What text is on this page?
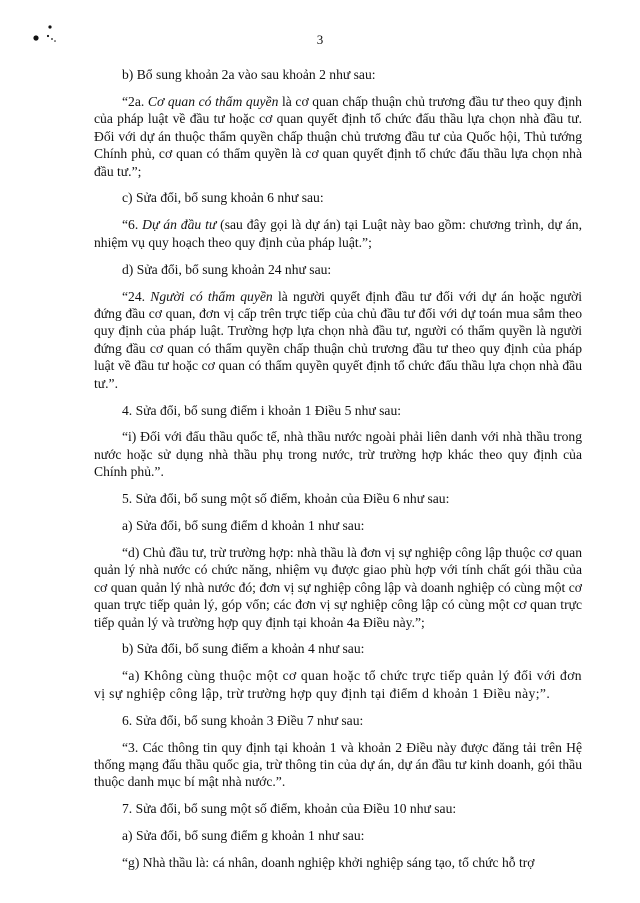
3

b) Bổ sung khoản 2a vào sau khoản 2 như sau:

“2a. Cơ quan có thẩm quyền là cơ quan chấp thuận chủ trương đầu tư theo quy định của pháp luật về đầu tư hoặc cơ quan quyết định tổ chức đấu thầu lựa chọn nhà đầu tư. Đối với dự án thuộc thẩm quyền chấp thuận chủ trương đầu tư của Quốc hội, Thủ tướng Chính phủ, cơ quan có thẩm quyền là cơ quan quyết định tổ chức đấu thầu lựa chọn nhà đầu tư.”;

c) Sửa đổi, bổ sung khoản 6 như sau:

“6. Dự án đầu tư (sau đây gọi là dự án) tại Luật này bao gồm: chương trình, dự án, nhiệm vụ quy hoạch theo quy định của pháp luật.”;

d) Sửa đổi, bổ sung khoản 24 như sau:

“24. Người có thẩm quyền là người quyết định đầu tư đối với dự án hoặc người đứng đầu cơ quan, đơn vị cấp trên trực tiếp của chủ đầu tư đối với dự toán mua sắm theo quy định của pháp luật. Trường hợp lựa chọn nhà đầu tư, người có thẩm quyền là người đứng đầu cơ quan có thẩm quyền chấp thuận chủ trương đầu tư theo quy định của pháp luật về đầu tư hoặc cơ quan có thẩm quyền quyết định tổ chức đấu thầu lựa chọn nhà đầu tư.”.

4. Sửa đổi, bổ sung điểm i khoản 1 Điều 5 như sau:

“i) Đối với đấu thầu quốc tế, nhà thầu nước ngoài phải liên danh với nhà thầu trong nước hoặc sử dụng nhà thầu phụ trong nước, trừ trường hợp khác theo quy định của Chính phủ.”.

5. Sửa đổi, bổ sung một số điểm, khoản của Điều 6 như sau:

a) Sửa đổi, bổ sung điểm d khoản 1 như sau:

“d) Chủ đầu tư, trừ trường hợp: nhà thầu là đơn vị sự nghiệp công lập thuộc cơ quan quản lý nhà nước có chức năng, nhiệm vụ được giao phù hợp với tính chất gói thầu của cơ quan quản lý nhà nước đó; đơn vị sự nghiệp công lập và doanh nghiệp có cùng một cơ quan trực tiếp quản lý, góp vốn; các đơn vị sự nghiệp công lập có cùng một cơ quan trực tiếp quản lý và trường hợp quy định tại khoản 4a Điều này.”;

b) Sửa đổi, bổ sung điểm a khoản 4 như sau:

“a) Không cùng thuộc một cơ quan hoặc tổ chức trực tiếp quản lý đối với đơn vị sự nghiệp công lập, trừ trường hợp quy định tại điểm d khoản 1 Điều này;”.

6. Sửa đổi, bổ sung khoản 3 Điều 7 như sau:

“3. Các thông tin quy định tại khoản 1 và khoản 2 Điều này được đăng tải trên Hệ thống mạng đấu thầu quốc gia, trừ thông tin của dự án, dự án đầu tư kinh doanh, gói thầu thuộc danh mục bí mật nhà nước.”.

7. Sửa đổi, bổ sung một số điểm, khoản của Điều 10 như sau:

a) Sửa đổi, bổ sung điểm g khoản 1 như sau:

“g) Nhà thầu là: cá nhân, doanh nghiệp khởi nghiệp sáng tạo, tổ chức hỗ trợ
